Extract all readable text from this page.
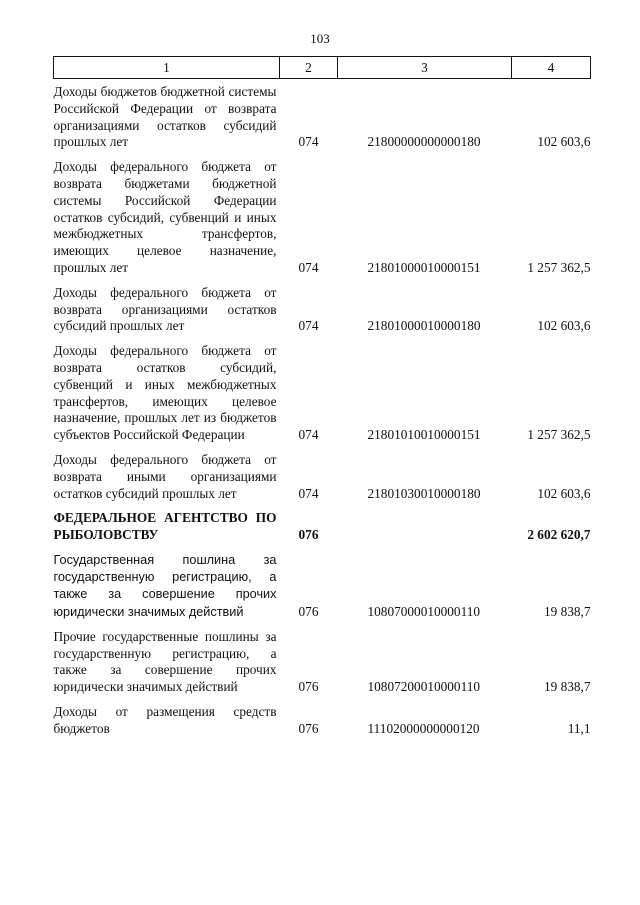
103
1	2	3	4
Доходы бюджетов бюджетной системы Российской Федерации от возврата организациями остатков субсидий прошлых лет	074	21800000000000180	102 603,6

Доходы федерального бюджета от возврата бюджетами бюджетной системы Российской Федерации остатков субсидий, субвенций и иных межбюджетных трансфертов, имеющих целевое назначение, прошлых лет	074	21801000010000151	1 257 362,5

Доходы федерального бюджета от возврата организациями остатков субсидий прошлых лет	074	21801000010000180	102 603,6

Доходы федерального бюджета от возврата остатков субсидий, субвенций и иных межбюджетных трансфертов, имеющих целевое назначение, прошлых лет из бюджетов субъектов Российской Федерации	074	21801010010000151	1 257 362,5

Доходы федерального бюджета от возврата иными организациями остатков субсидий прошлых лет	074	21801030010000180	102 603,6

ФЕДЕРАЛЬНОЕ АГЕНТСТВО ПО РЫБОЛОВСТВУ	076		2 602 620,7

Государственная пошлина за государственную регистрацию, а также за совершение прочих юридически значимых действий	076	10807000010000110	19 838,7

Прочие государственные пошлины за государственную регистрацию, а также за совершение прочих юридически значимых действий	076	10807200010000110	19 838,7

Доходы от размещения средств бюджетов	076	11102000000000120	11,1
